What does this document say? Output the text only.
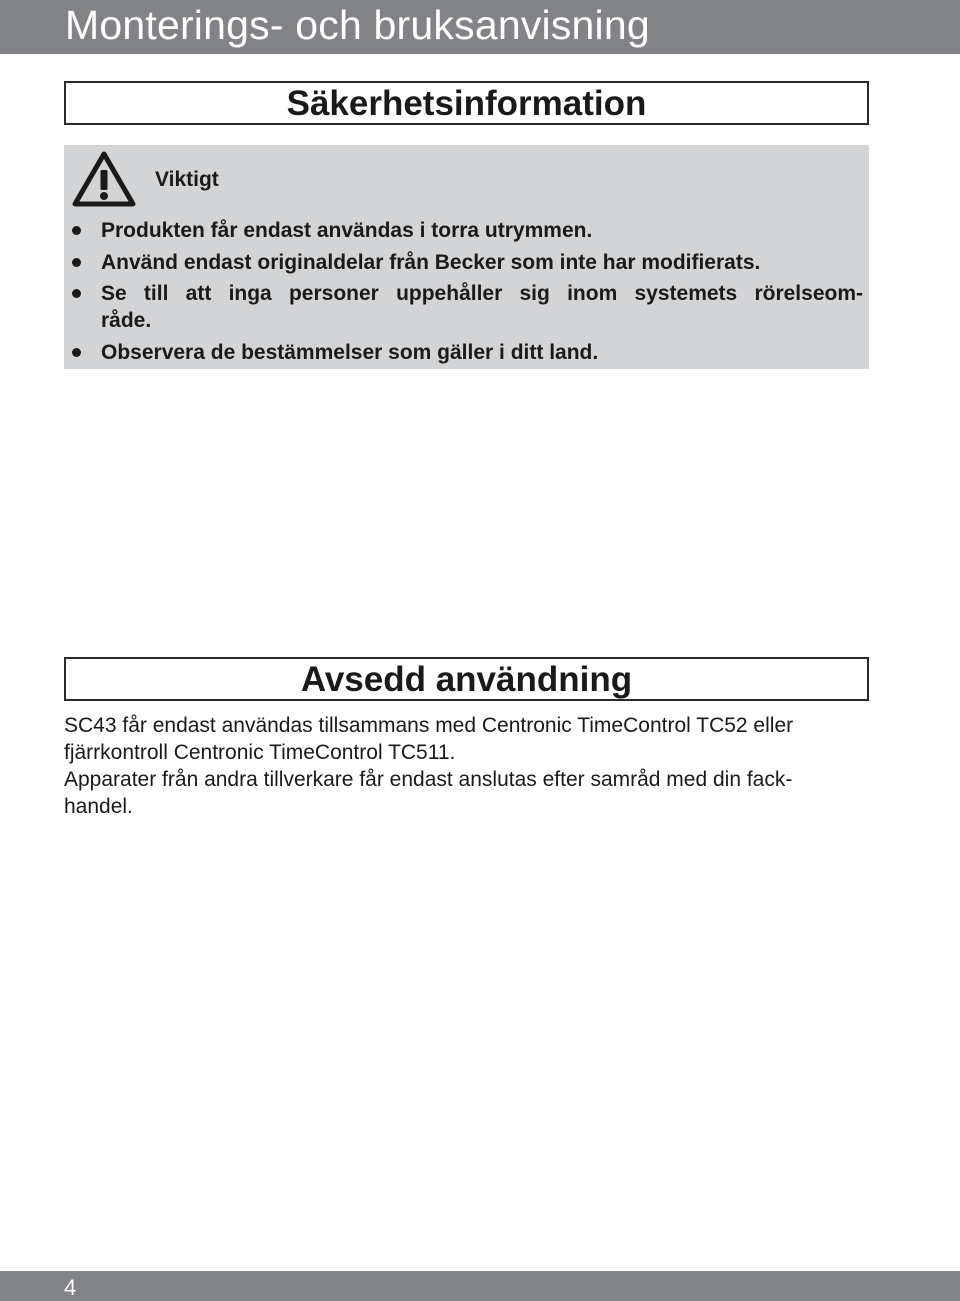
Monterings- och bruksanvisning
Säkerhetsinformation
Viktigt
Produkten får endast användas i torra utrymmen.
Använd endast originaldelar från Becker som inte har modifierats.
Se till att inga personer uppehåller sig inom systemets rörelseom-
råde.
Observera de bestämmelser som gäller i ditt land.
Avsedd användning

SC43 får endast användas tillsammans med Centronic TimeControl TC52 eller

fjärrkontroll Centronic TimeControl TC511.

Apparater från andra tillverkare får endast anslutas efter samråd med din fack-

handel.

4
